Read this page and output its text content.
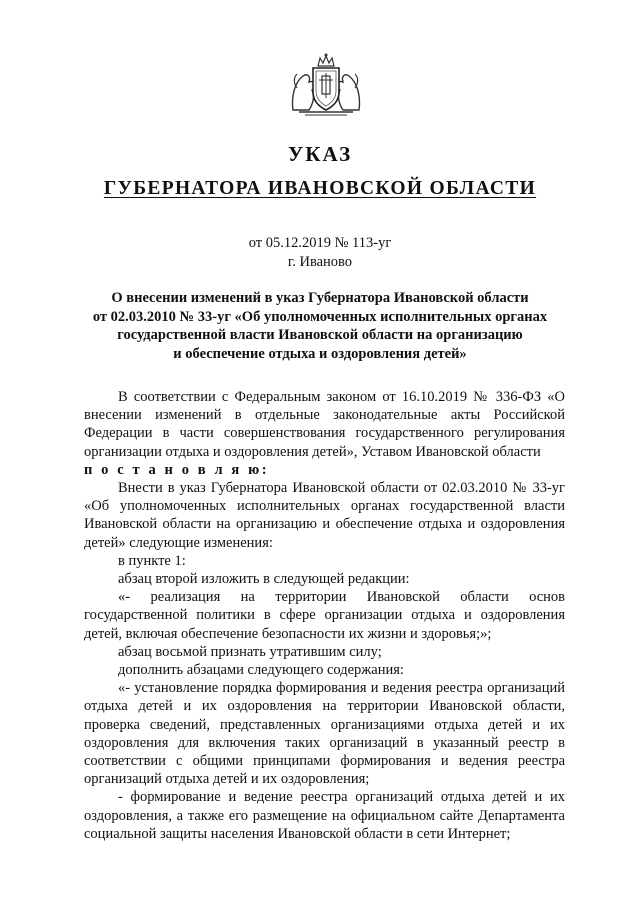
УКАЗ
ГУБЕРНАТОРА ИВАНОВСКОЙ ОБЛАСТИ
от 05.12.2019 № 113-уг
г. Иваново
О внесении изменений в указ Губернатора Ивановской области
от 02.03.2010 № 33-уг «Об уполномоченных исполнительных органах
государственной власти Ивановской области на организацию
и обеспечение отдыха и оздоровления детей»

В соответствии с Федеральным законом от 16.10.2019 № 336-ФЗ «О внесении изменений в отдельные законодательные акты Российской Федерации в части совершенствования государственного регулирования организации отдыха и оздоровления детей», Уставом Ивановской области

п о с т а н о в л я ю:

Внести в указ Губернатора Ивановской области от 02.03.2010 № 33-уг «Об уполномоченных исполнительных органах государственной власти Ивановской области на организацию и обеспечение отдыха и оздоровления детей» следующие изменения:

в пункте 1:

абзац второй изложить в следующей редакции:

«- реализация на территории Ивановской области основ государственной политики в сфере организации отдыха и оздоровления детей, включая обеспечение безопасности их жизни и здоровья;»;

абзац восьмой признать утратившим силу;

дополнить абзацами следующего содержания:

«- установление порядка формирования и ведения реестра организаций отдыха детей и их оздоровления на территории Ивановской области, проверка сведений, представленных организациями отдыха детей и их оздоровления для включения таких организаций в указанный реестр в соответствии с общими принципами формирования и ведения реестра организаций отдыха детей и их оздоровления;

- формирование и ведение реестра организаций отдыха детей и их оздоровления, а также его размещение на официальном сайте Департамента социальной защиты населения Ивановской области в сети Интернет;
